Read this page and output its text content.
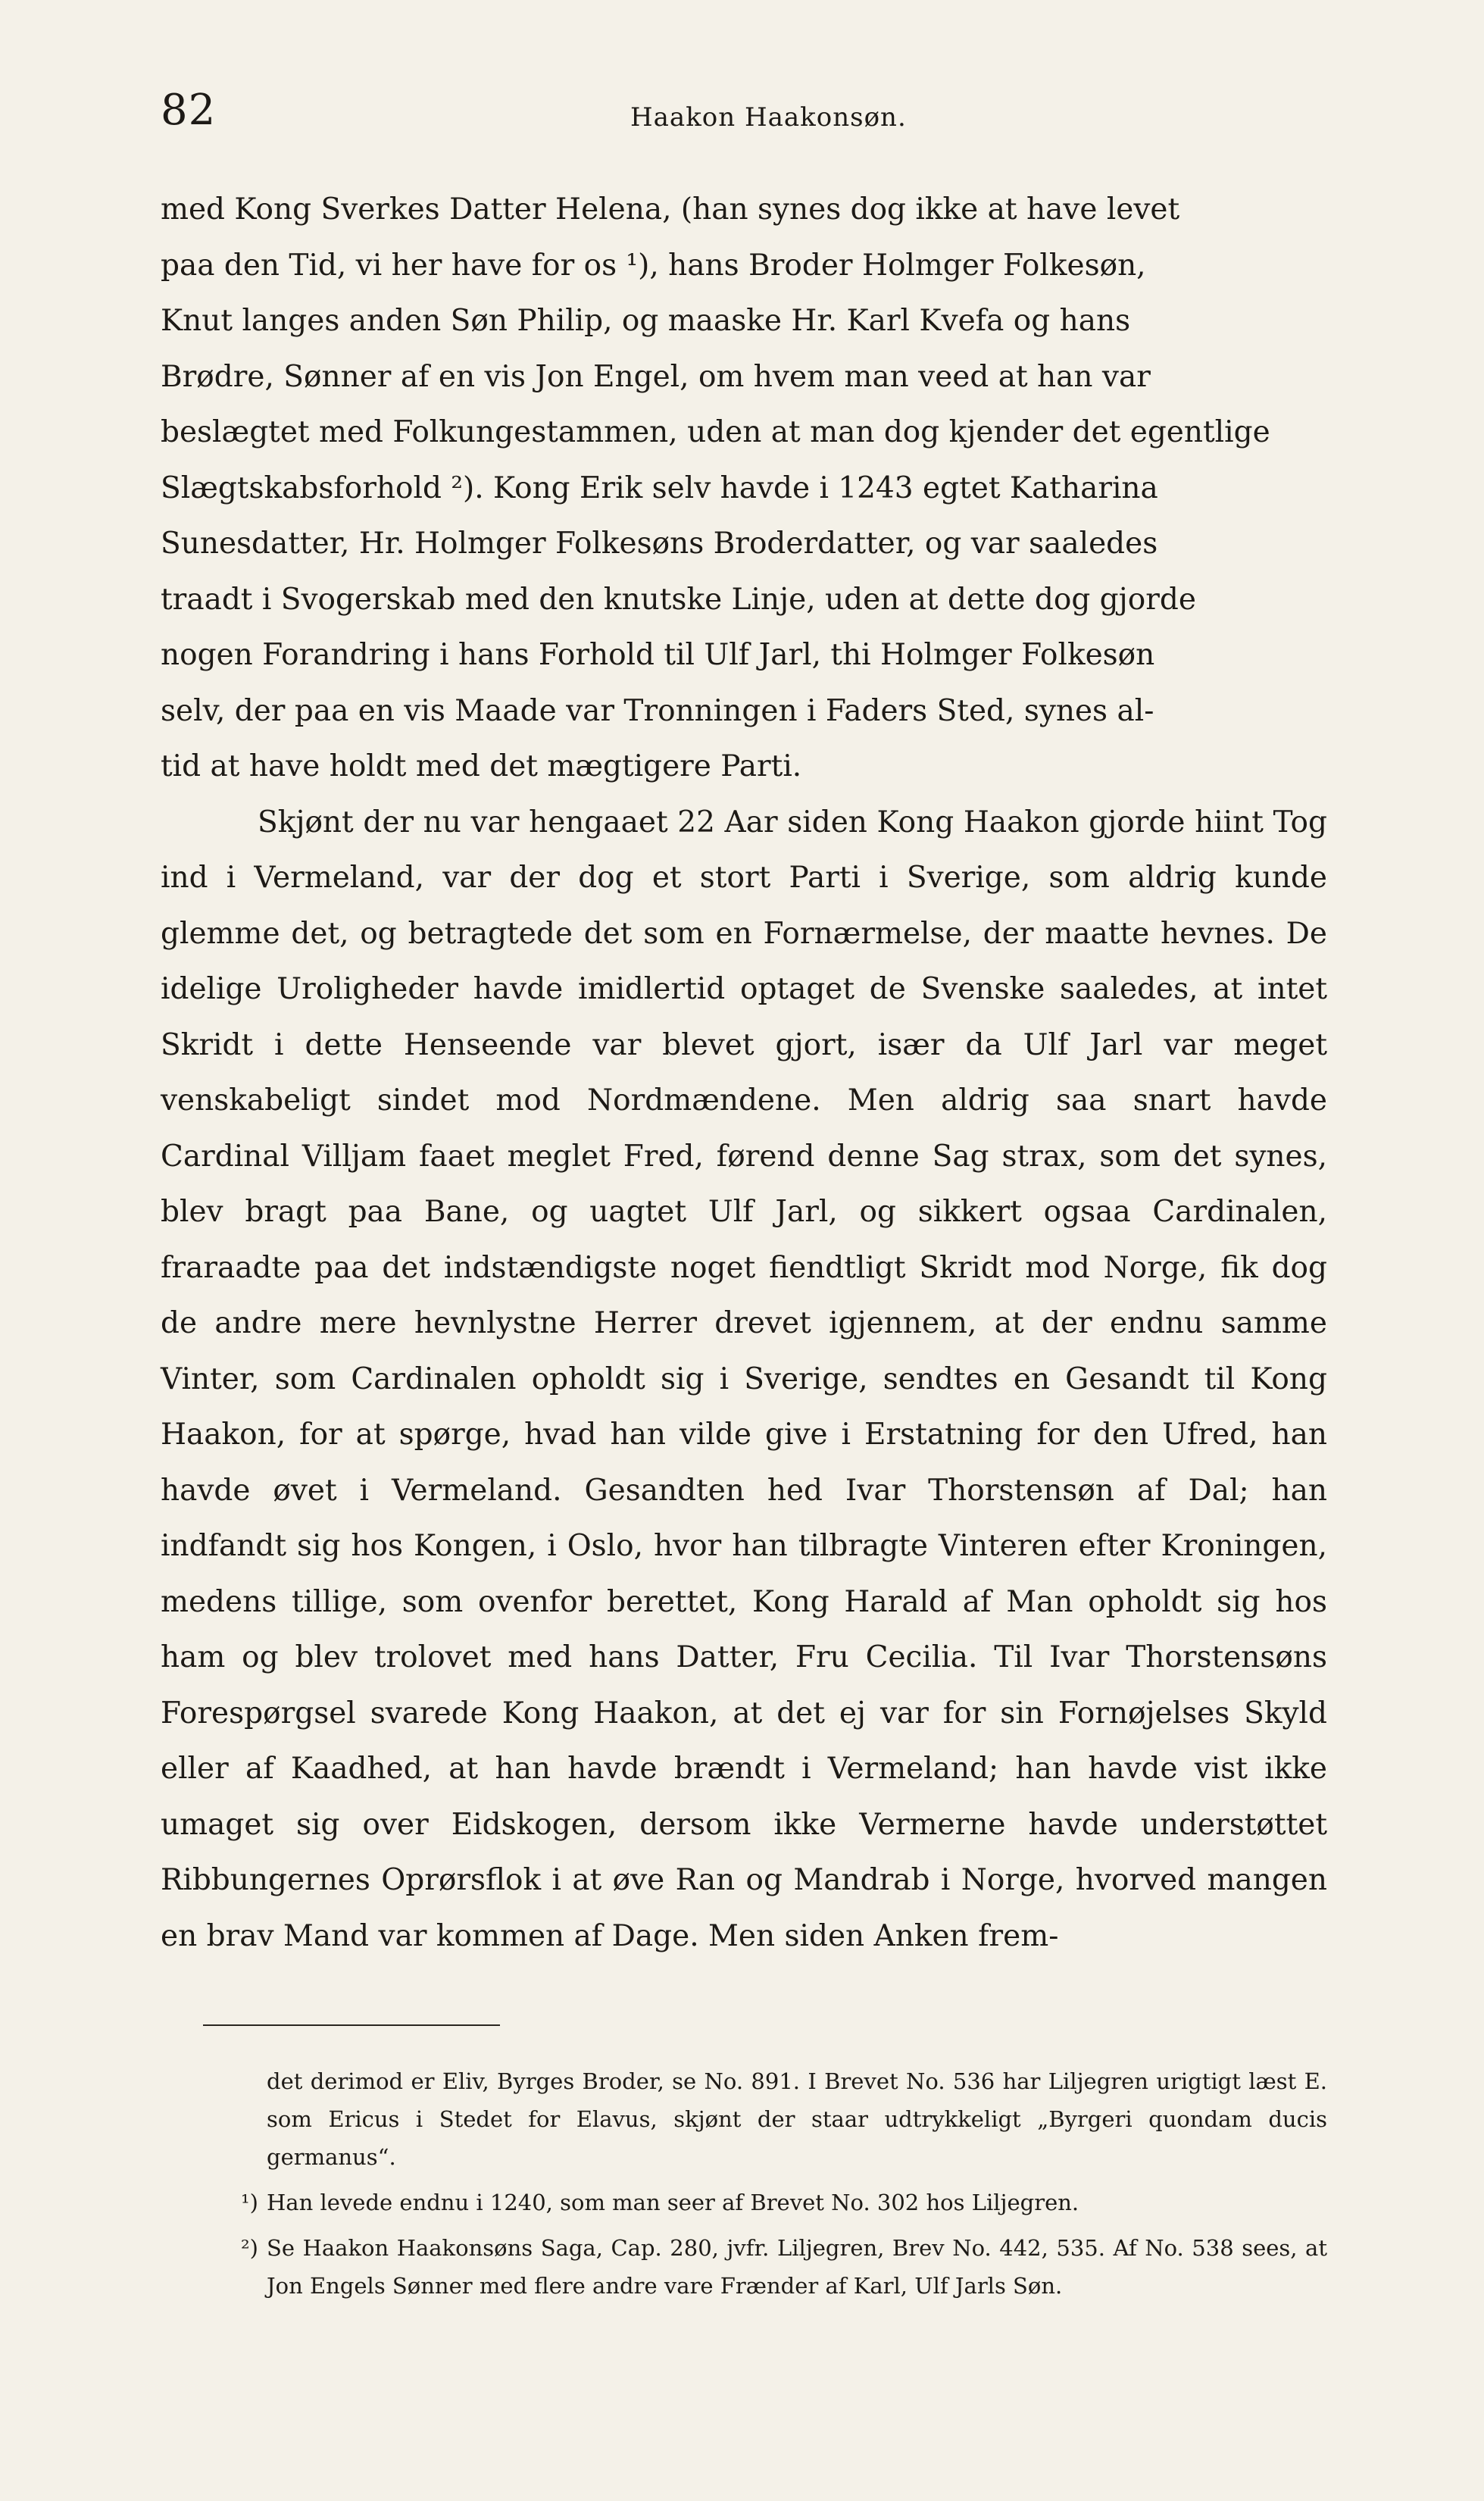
82	Haakon Haakonsøn.

med Kong Sverkes Datter Helena, (han synes dog ikke at have levet

paa den Tid, vi her have for os ¹), hans Broder Holmger Folkesøn,

Knut langes anden Søn Philip, og maaske Hr. Karl Kvefa og hans

Brødre, Sønner af en vis Jon Engel, om hvem man veed at han var

beslægtet med Folkungestammen, uden at man dog kjender det egentlige

Slægtskabsforhold ²). Kong Erik selv havde i 1243 egtet Katharina

Sunesdatter, Hr. Holmger Folkesøns Broderdatter, og var saaledes

traadt i Svogerskab med den knutske Linje, uden at dette dog gjorde

nogen Forandring i hans Forhold til Ulf Jarl, thi Holmger Folkesøn

selv, der paa en vis Maade var Tronningen i Faders Sted, synes al-

tid at have holdt med det mægtigere Parti.

Skjønt der nu var hengaaet 22 Aar siden Kong Haakon gjorde hiint Tog ind i Vermeland, var der dog et stort Parti i Sverige, som aldrig kunde glemme det, og betragtede det som en Fornærmelse, der maatte hevnes. De idelige Uroligheder havde imidlertid optaget de Svenske saaledes, at intet Skridt i dette Henseende var blevet gjort, især da Ulf Jarl var meget venskabeligt sindet mod Nordmændene. Men aldrig saa snart havde Cardinal Villjam faaet meglet Fred, førend denne Sag strax, som det synes, blev bragt paa Bane, og uagtet Ulf Jarl, og sikkert ogsaa Cardinalen, fraraadte paa det indstændigste noget fiendtligt Skridt mod Norge, fik dog de andre mere hevnlystne Herrer drevet igjennem, at der endnu samme Vinter, som Cardinalen opholdt sig i Sverige, sendtes en Gesandt til Kong Haakon, for at spørge, hvad han vilde give i Erstatning for den Ufred, han havde øvet i Vermeland. Gesandten hed Ivar Thorstensøn af Dal; han indfandt sig hos Kongen, i Oslo, hvor han tilbragte Vinteren efter Kroningen, medens tillige, som ovenfor berettet, Kong Harald af Man opholdt sig hos ham og blev trolovet med hans Datter, Fru Cecilia. Til Ivar Thorstensøns Forespørgsel svarede Kong Haakon, at det ej var for sin Fornøjelses Skyld eller af Kaadhed, at han havde brændt i Vermeland; han havde vist ikke umaget sig over Eidskogen, dersom ikke Vermerne havde understøttet Ribbungernes Oprørsflok i at øve Ran og Mandrab i Norge, hvorved mangen en brav Mand var kommen af Dage. Men siden Anken frem-

det derimod er Eliv, Byrges Broder, se No. 891. I Brevet No. 536 har Liljegren urigtigt læst E. som Ericus i Stedet for Elavus, skjønt der staar udtrykkeligt „Byrgeri quondam ducis germanus“.

¹) Han levede endnu i 1240, som man seer af Brevet No. 302 hos Liljegren.

²) Se Haakon Haakonsøns Saga, Cap. 280, jvfr. Liljegren, Brev No. 442, 535. Af No. 538 sees, at Jon Engels Sønner med flere andre vare Frænder af Karl, Ulf Jarls Søn.
